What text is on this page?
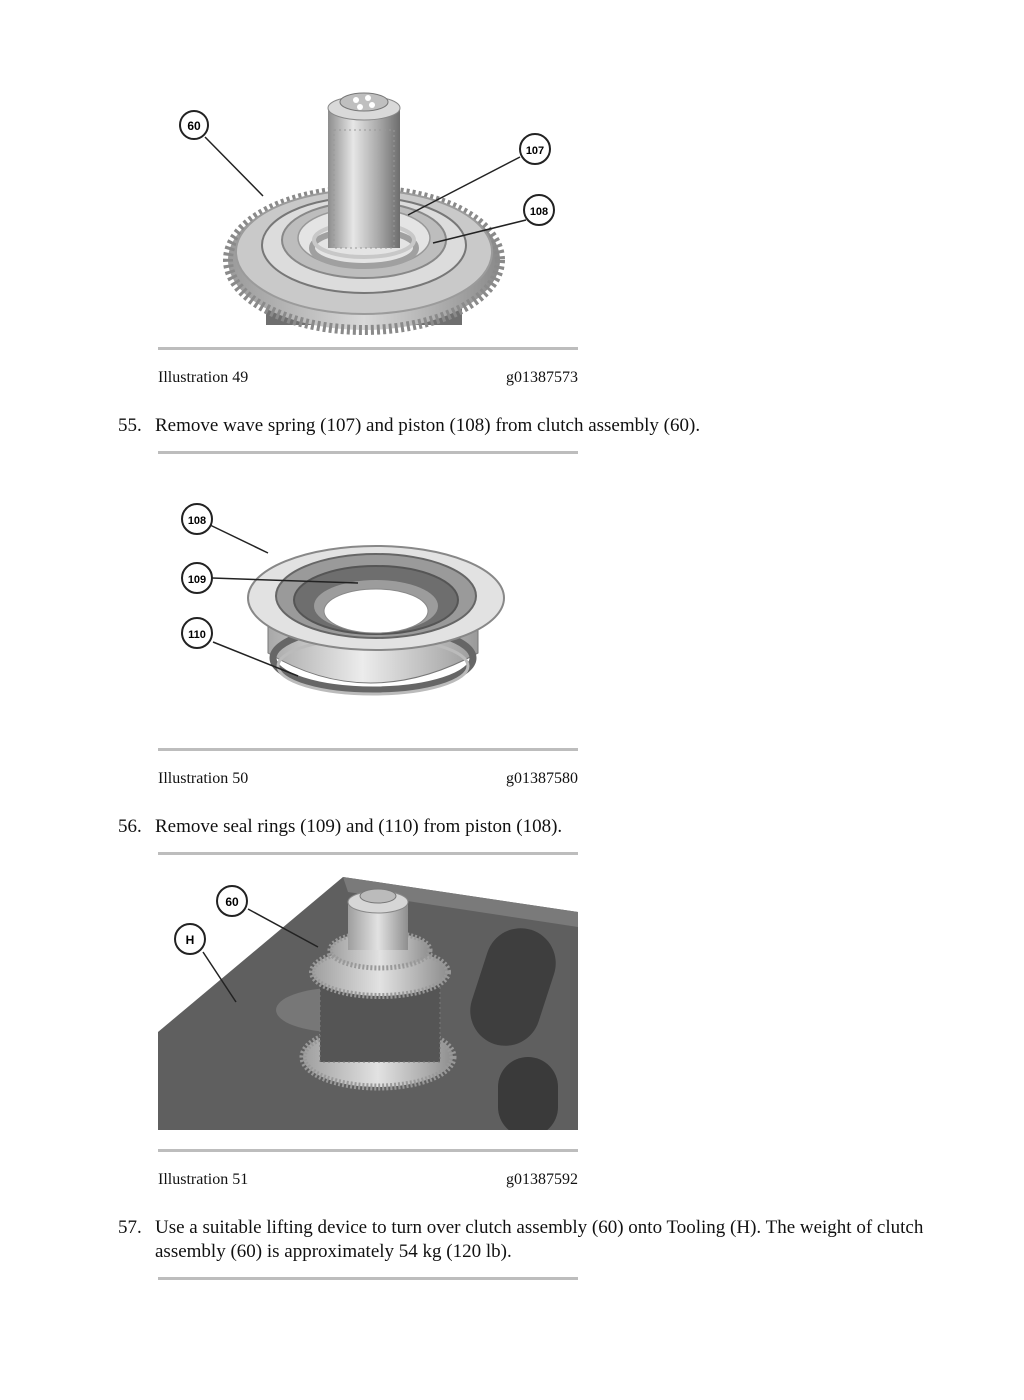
60
107
108
Illustration 49	g01387573
55. Remove wave spring (107) and piston (108) from clutch assembly (60).
108
109
110
Illustration 50	g01387580
56. Remove seal rings (109) and (110) from piston (108).
60
H
Illustration 51	g01387592
57. Use a suitable lifting device to turn over clutch assembly (60) onto Tooling (H). The weight of clutch assembly (60) is approximately 54 kg (120 lb).
